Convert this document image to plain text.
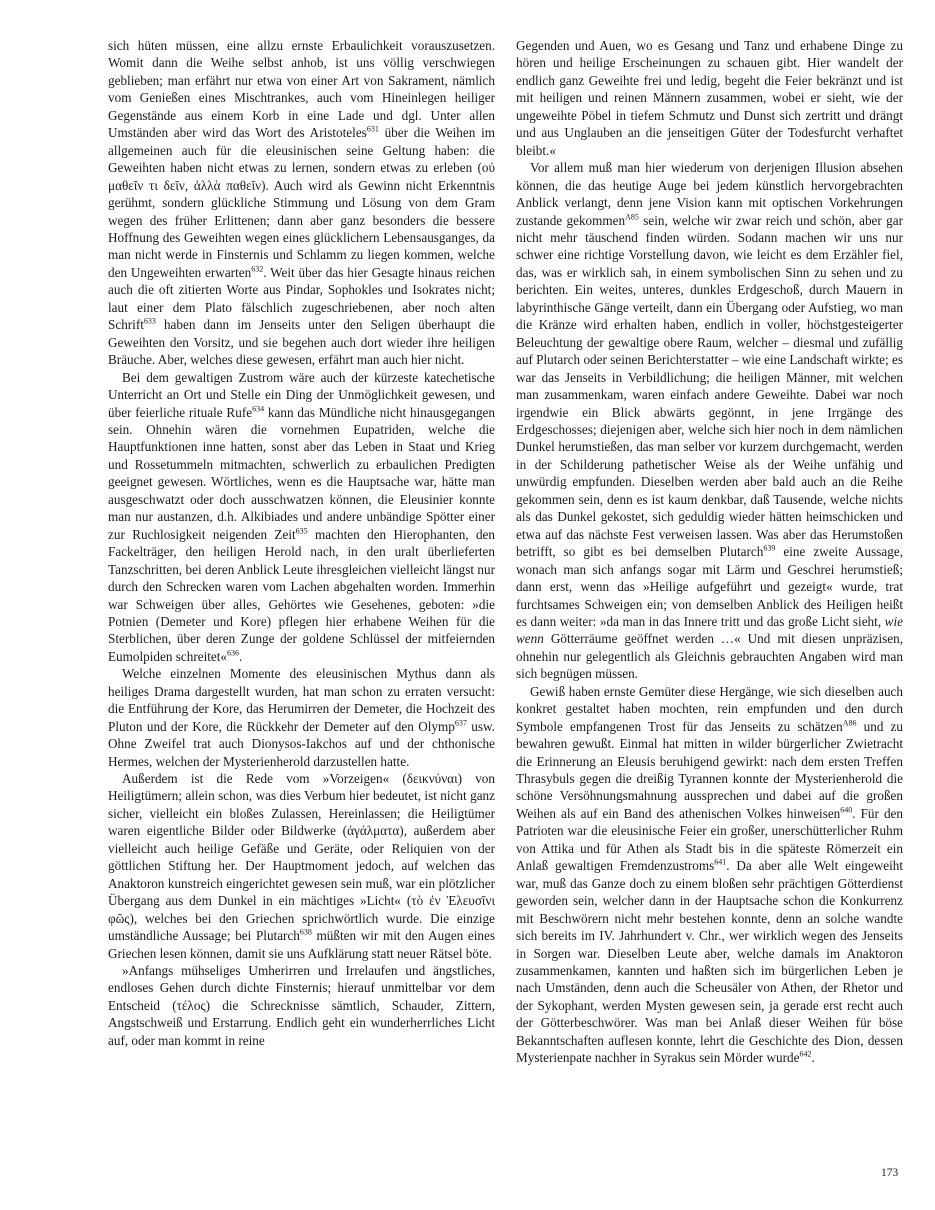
sich hüten müssen, eine allzu ernste Erbaulichkeit vorauszusetzen. Womit dann die Weihe selbst anhob, ist uns völlig verschwiegen geblieben; man erfährt nur etwa von einer Art von Sakrament, nämlich vom Genießen eines Mischtrankes, auch vom Hineinlegen heiliger Gegenstände aus einem Korb in eine Lade und dgl. Unter allen Umständen aber wird das Wort des Aristoteles$^{631}$ über die Weihen im allgemeinen auch für die eleusinischen seine Geltung haben: die Geweihten haben nicht etwas zu lernen, sondern etwas zu erleben (οὐ μαθεῖν τι δεῖν, ἀλλὰ παθεῖν). Auch wird als Gewinn nicht Erkenntnis gerühmt, sondern glückliche Stimmung und Lösung von dem Gram wegen des früher Erlittenen; dann aber ganz besonders die bessere Hoffnung des Geweihten wegen eines glücklichern Lebensausganges, da man nicht werde in Finsternis und Schlamm zu liegen kommen, welche den Ungeweihten erwarten$^{632}$. Weit über das hier Gesagte hinaus reichen auch die oft zitierten Worte aus Pindar, Sophokles und Isokrates nicht; laut einer dem Plato fälschlich zugeschriebenen, aber noch alten Schrift$^{633}$ haben dann im Jenseits unter den Seligen überhaupt die Geweihten den Vorsitz, und sie begehen auch dort wieder ihre heiligen Bräuche. Aber, welches diese gewesen, erfährt man auch hier nicht.

Bei dem gewaltigen Zustrom wäre auch der kürzeste katechetische Unterricht an Ort und Stelle ein Ding der Unmöglichkeit gewesen, und über feierliche rituale Rufe$^{634}$ kann das Mündliche nicht hinausgegangen sein. Ohnehin wären die vornehmen Eupatriden, welche die Hauptfunktionen inne hatten, sonst aber das Leben in Staat und Krieg und Rossetummeln mitmachten, schwerlich zu erbaulichen Predigten geeignet gewesen. Wörtliches, wenn es die Hauptsache war, hätte man ausgeschwatzt oder doch ausschwatzen können, die Eleusinier konnte man nur austanzen, d.h. Alkibiades und andere unbändige Spötter einer zur Ruchlosigkeit neigenden Zeit$^{635}$ machten den Hierophanten, den Fackelträger, den heiligen Herold nach, in den uralt überlieferten Tanzschritten, bei deren Anblick Leute ihresgleichen vielleicht längst nur durch den Schrecken waren vom Lachen abgehalten worden. Immerhin war Schweigen über alles, Gehörtes wie Gesehenes, geboten: »die Potnien (Demeter und Kore) pflegen hier erhabene Weihen für die Sterblichen, über deren Zunge der goldene Schlüssel der mitfeiernden Eumolpiden schreitet«$^{636}$.

Welche einzelnen Momente des eleusinischen Mythus dann als heiliges Drama dargestellt wurden, hat man schon zu erraten versucht: die Entführung der Kore, das Herumirren der Demeter, die Hochzeit des Pluton und der Kore, die Rückkehr der Demeter auf den Olymp$^{637}$ usw. Ohne Zweifel trat auch Dionysos-Iakchos auf und der chthonische Hermes, welchen der Mysterienherold darzustellen hatte.

Außerdem ist die Rede vom »Vorzeigen« (δεικνύναι) von Heiligtümern; allein schon, was dies Verbum hier bedeutet, ist nicht ganz sicher, vielleicht ein bloßes Zulassen, Hereinlassen; die Heiligtümer waren eigentliche Bilder oder Bildwerke (ἀγάλματα), außerdem aber vielleicht auch heilige Gefäße und Geräte, oder Reliquien von der göttlichen Stiftung her. Der Hauptmoment jedoch, auf welchen das Anaktoron kunstreich eingerichtet gewesen sein muß, war ein plötzlicher Übergang aus dem Dunkel in ein mächtiges »Licht« (τὸ ἐν Ἐλευσῖνι φῶς), welches bei den Griechen sprichwörtlich wurde. Die einzige umständliche Aussage; bei Plutarch$^{638}$ müßten wir mit den Augen eines Griechen lesen können, damit sie uns Aufklärung statt neuer Rätsel böte.

»Anfangs mühseliges Umherirren und Irrelaufen und ängstliches, endloses Gehen durch dichte Finsternis; hierauf unmittelbar vor dem Entscheid (τέλος) die Schrecknisse sämtlich, Schauder, Zittern, Angstschweiß und Erstarrung. Endlich geht ein wunderherrliches Licht auf, oder man kommt in reine

Gegenden und Auen, wo es Gesang und Tanz und erhabene Dinge zu hören und heilige Erscheinungen zu schauen gibt. Hier wandelt der endlich ganz Geweihte frei und ledig, begeht die Feier bekränzt und ist mit heiligen und reinen Männern zusammen, wobei er sieht, wie der ungeweihte Pöbel in tiefem Schmutz und Dunst sich zertritt und drängt und aus Unglauben an die jenseitigen Güter der Todesfurcht verhaftet bleibt.«

Vor allem muß man hier wiederum von derjenigen Illusion absehen können, die das heutige Auge bei jedem künstlich hervorgebrachten Anblick verlangt, denn jene Vision kann mit optischen Vorkehrungen zustande gekommen$^{A85}$ sein, welche wir zwar reich und schön, aber gar nicht mehr täuschend finden würden. Sodann machen wir uns nur schwer eine richtige Vorstellung davon, wie leicht es dem Erzähler fiel, das, was er wirklich sah, in einem symbolischen Sinn zu sehen und zu berichten. Ein weites, unteres, dunkles Erdgeschoß, durch Mauern in labyrinthische Gänge verteilt, dann ein Übergang oder Aufstieg, wo man die Kränze wird erhalten haben, endlich in voller, höchstgesteigerter Beleuchtung der gewaltige obere Raum, welcher – diesmal und zufällig auf Plutarch oder seinen Berichterstatter – wie eine Landschaft wirkte; es war das Jenseits in Verbildlichung; die heiligen Männer, mit welchen man zusammenkam, waren einfach andere Geweihte. Dabei war noch irgendwie ein Blick abwärts gegönnt, in jene Irrgänge des Erdgeschosses; diejenigen aber, welche sich hier noch in dem nämlichen Dunkel herumstießen, das man selber vor kurzem durchgemacht, werden in der Schilderung pathetischer Weise als der Weihe unfähig und unwürdig empfunden. Dieselben werden aber bald auch an die Reihe gekommen sein, denn es ist kaum denkbar, daß Tausende, welche nichts als das Dunkel gekostet, sich geduldig wieder hätten heimschicken und etwa auf das nächste Fest verweisen lassen. Was aber das Herumstoßen betrifft, so gibt es bei demselben Plutarch$^{639}$ eine zweite Aussage, wonach man sich anfangs sogar mit Lärm und Geschrei herumstieß; dann erst, wenn das »Heilige aufgeführt und gezeigt« wurde, trat furchtsames Schweigen ein; von demselben Anblick des Heiligen heißt es dann weiter: »da man in das Innere tritt und das große Licht sieht, wie wenn Götterräume geöffnet werden …« Und mit diesen unpräzisen, ohnehin nur gelegentlich als Gleichnis gebrauchten Angaben wird man sich begnügen müssen.

Gewiß haben ernste Gemüter diese Hergänge, wie sich dieselben auch konkret gestaltet haben mochten, rein empfunden und den durch Symbole empfangenen Trost für das Jenseits zu schätzen$^{A86}$ und zu bewahren gewußt. Einmal hat mitten in wilder bürgerlicher Zwietracht die Erinnerung an Eleusis beruhigend gewirkt: nach dem ersten Treffen Thrasybuls gegen die dreißig Tyrannen konnte der Mysterienherold die schöne Versöhnungsmahnung aussprechen und dabei auf die großen Weihen als auf ein Band des athenischen Volkes hinweisen$^{640}$. Für den Patrioten war die eleusinische Feier ein großer, unerschütterlicher Ruhm von Attika und für Athen als Stadt bis in die späteste Römerzeit ein Anlaß gewaltigen Fremdenzustroms$^{641}$. Da aber alle Welt eingeweiht war, muß das Ganze doch zu einem bloßen sehr prächtigen Götterdienst geworden sein, welcher dann in der Hauptsache schon die Konkurrenz mit Beschwörern nicht mehr bestehen konnte, denn an solche wandte sich bereits im IV. Jahrhundert v. Chr., wer wirklich wegen des Jenseits in Sorgen war. Dieselben Leute aber, welche damals im Anaktoron zusammenkamen, kannten und haßten sich im bürgerlichen Leben je nach Umständen, denn auch die Scheusäler von Athen, der Rhetor und der Sykophant, werden Mysten gewesen sein, ja gerade erst recht auch der Götterbeschwörer. Was man bei Anlaß dieser Weihen für böse Bekanntschaften auflesen konnte, lehrt die Geschichte des Dion, dessen Mysterienpate nachher in Syrakus sein Mörder wurde$^{642}$.

173
